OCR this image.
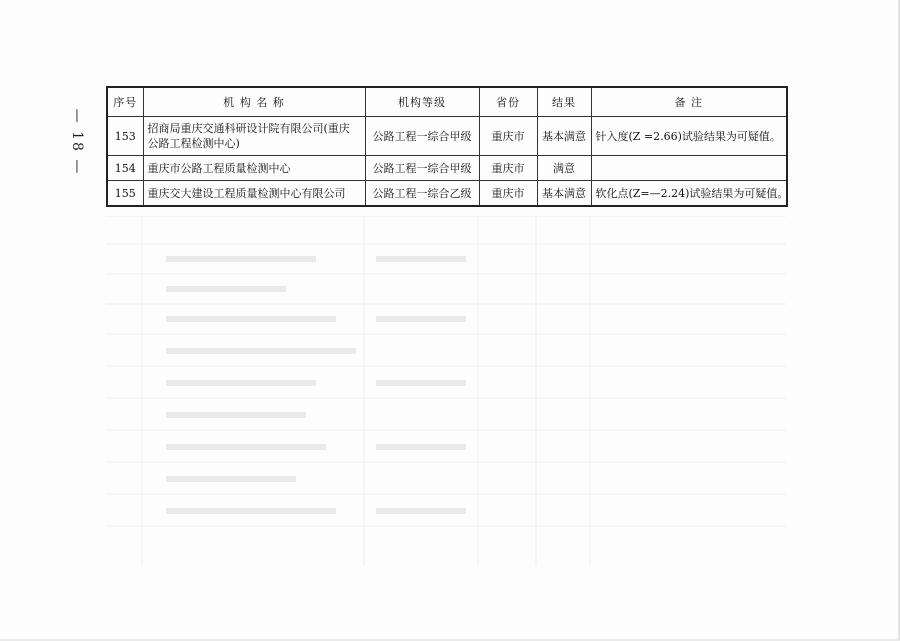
— 18 —
序号	机 构 名 称	机构等级	省份	结果	备 注
153	招商局重庆交通科研设计院有限公司(重庆公路工程检测中心)	公路工程一综合甲级	重庆市	基本满意	针入度(Z =2.66)试验结果为可疑值。
154	重庆市公路工程质量检测中心	公路工程一综合甲级	重庆市	满意	
155	重庆交大建设工程质量检测中心有限公司	公路工程一综合乙级	重庆市	基本满意	软化点(Z=—2.24)试验结果为可疑值。
